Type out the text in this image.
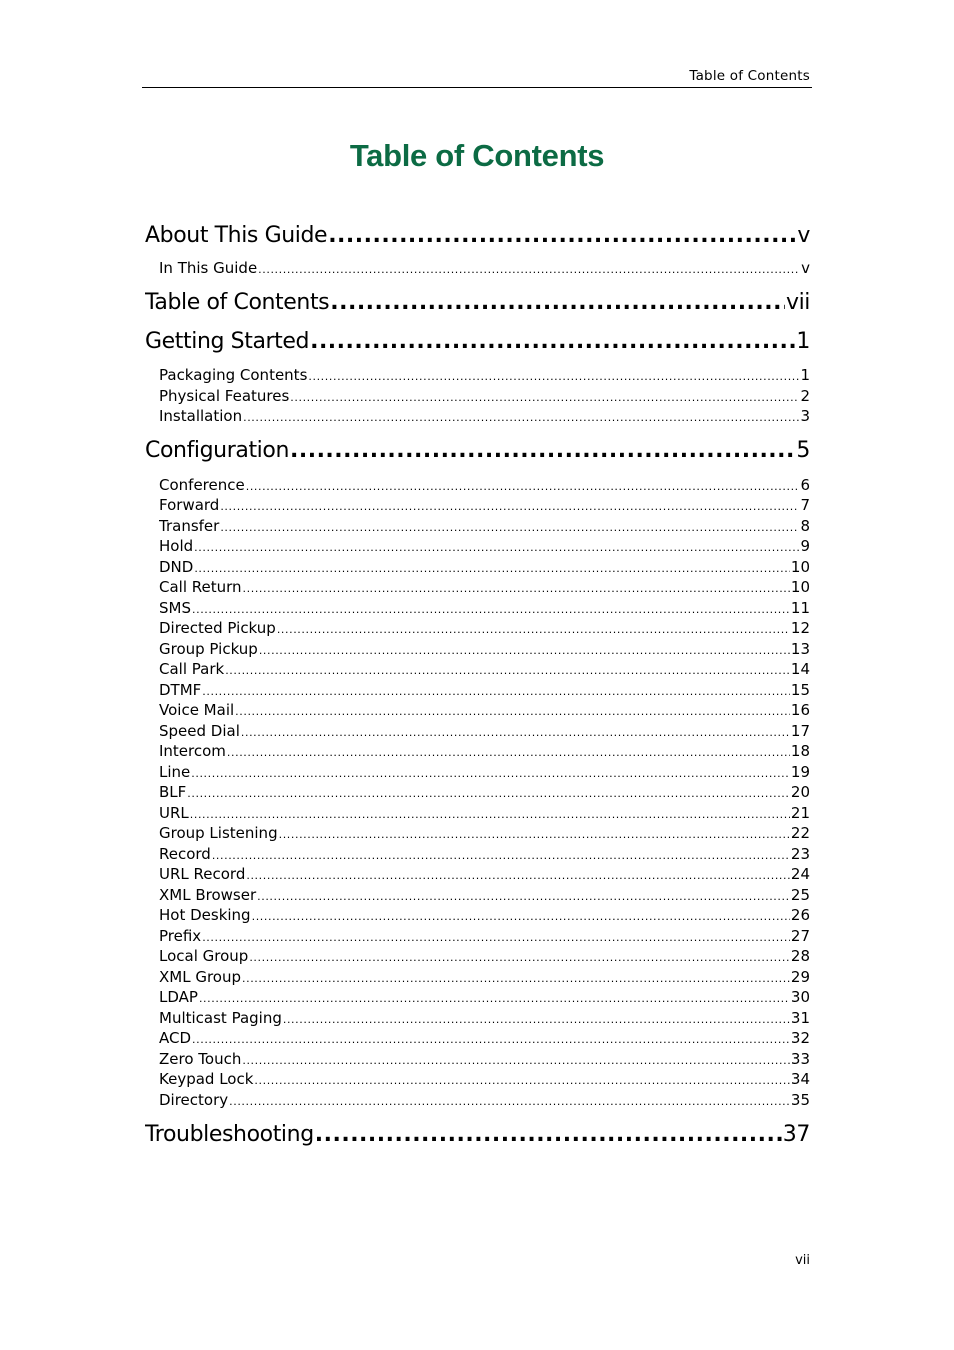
Table of Contents
Table of Contents
About This Guide .....	v
In This Guide .....	v
Table of Contents .....	vii
Getting Started .....	1
Packaging Contents .....	1
Physical Features .....	2
Installation .....	3
Configuration .....	5
Conference .....	6
Forward .....	7
Transfer .....	8
Hold .....	9
DND .....	10
Call Return .....	10
SMS .....	11
Directed Pickup .....	12
Group Pickup .....	13
Call Park .....	14
DTMF .....	15
Voice Mail .....	16
Speed Dial .....	17
Intercom .....	18
Line .....	19
BLF .....	20
URL .....	21
Group Listening .....	22
Record .....	23
URL Record .....	24
XML Browser .....	25
Hot Desking .....	26
Prefix .....	27
Local Group .....	28
XML Group .....	29
LDAP .....	30
Multicast Paging .....	31
ACD .....	32
Zero Touch .....	33
Keypad Lock .....	34
Directory .....	35
Troubleshooting .....	37
vii
